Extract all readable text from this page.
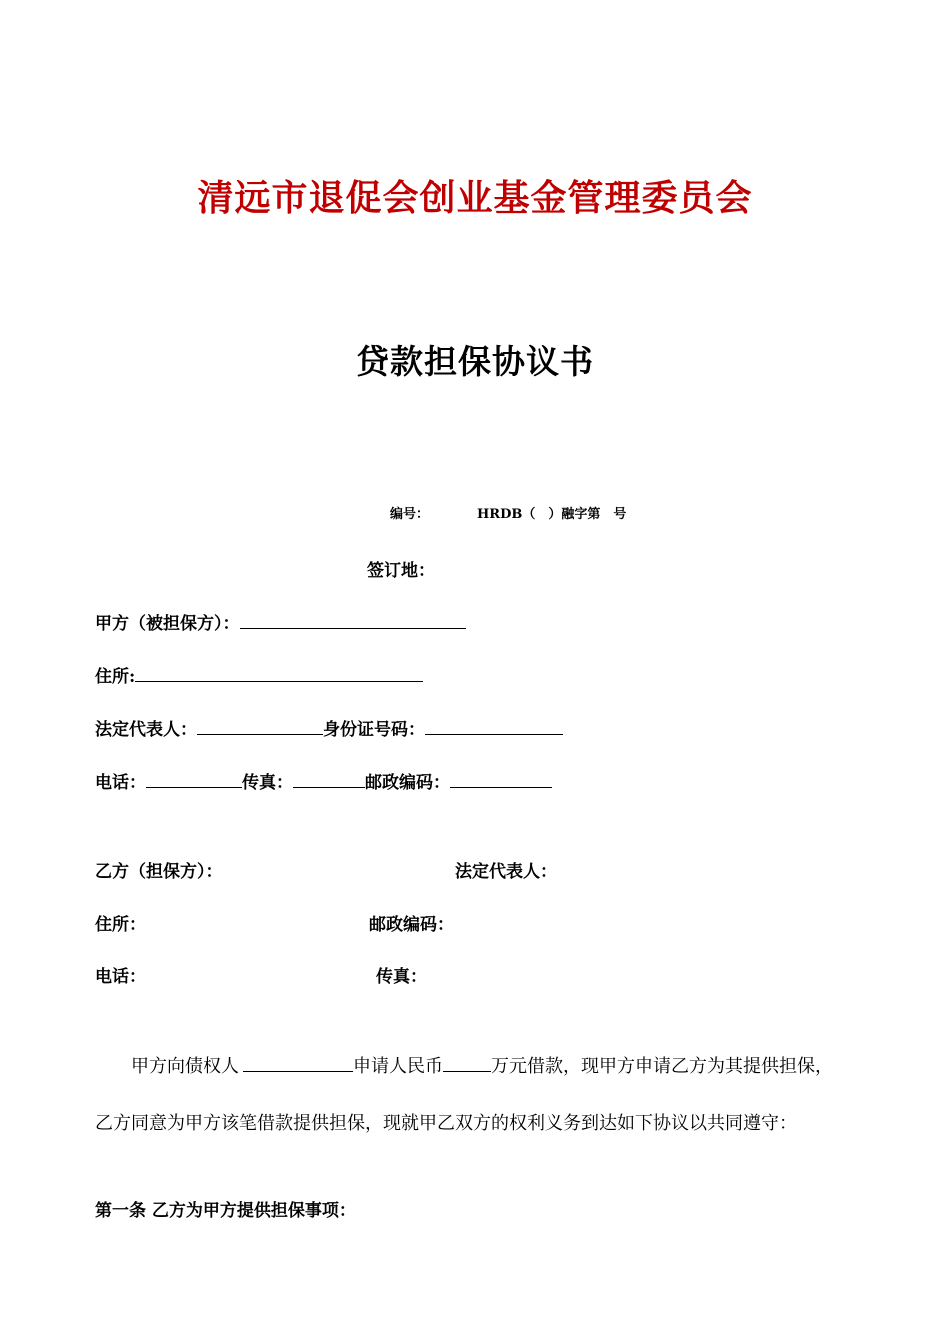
清远市退促会创业基金管理委员会
贷款担保协议书
编号：	HRDB（　）融字第　号
签订地：
甲方（被担保方）：
住所:
法定代表人：	身份证号码：
电话：	传真：	邮政编码：
乙方（担保方）：	法定代表人：
住所：	邮政编码：
电话：	传真：
甲方向债权人	申请人民币	万元借款，现甲方申请乙方为其提供担保，
乙方同意为甲方该笔借款提供担保，现就甲乙双方的权利义务到达如下协议以共同遵守：
第一条 乙方为甲方提供担保事项：
